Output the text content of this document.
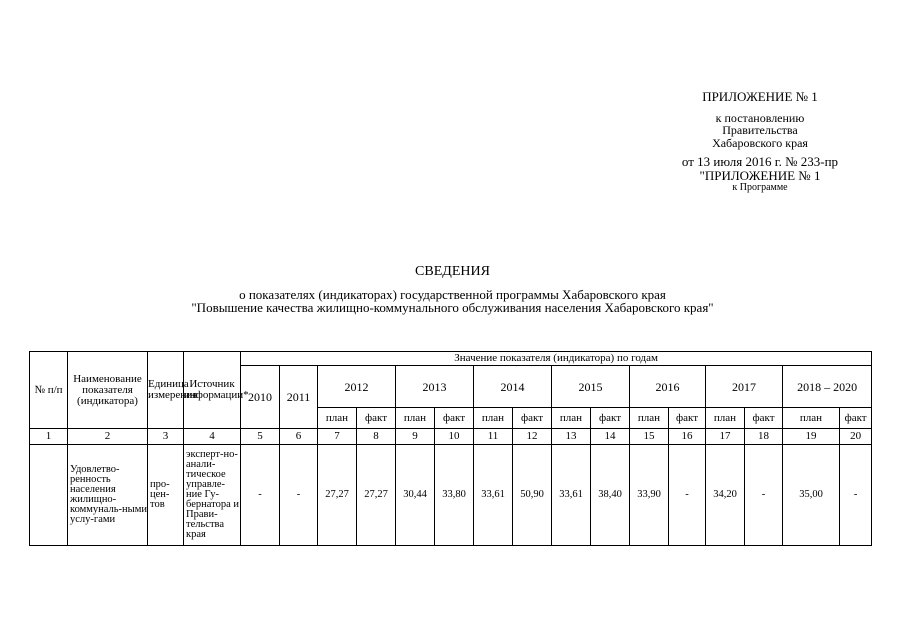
ПРИЛОЖЕНИЕ № 1
к постановлению
Правительства
Хабаровского края
от 13 июля 2016 г. № 233-пр
"ПРИЛОЖЕНИЕ № 1
к Программе
СВЕДЕНИЯ
о показателях (индикаторах) государственной программы Хабаровского края
"Повышение качества жилищно-коммунального обслуживания населения Хабаровского края"
№ п/п	Наименование показателя (индикатора)	Единица измерения	Источник информации*	Значение показателя (индикатора) по годам															
				2010	2011	2012		2013		2014		2015		2016		2017		2018 – 2020	
						план	факт	план	факт	план	факт	план	факт	план	факт	план	факт	план	факт
1	2	3	4	5	6	7	8	9	10	11	12	13	14	15	16	17	18	19	20
	Удовлетво-ренность населения жилищно-коммуналь-ными услу-гами	про-цен-тов	эксперт-но-анали-тическое управле-ние Гу-бернатора и Прави-тельства края	-	-	27,27	27,27	30,44	33,80	33,61	50,90	33,61	38,40	33,90	-	34,20	-	35,00	-
